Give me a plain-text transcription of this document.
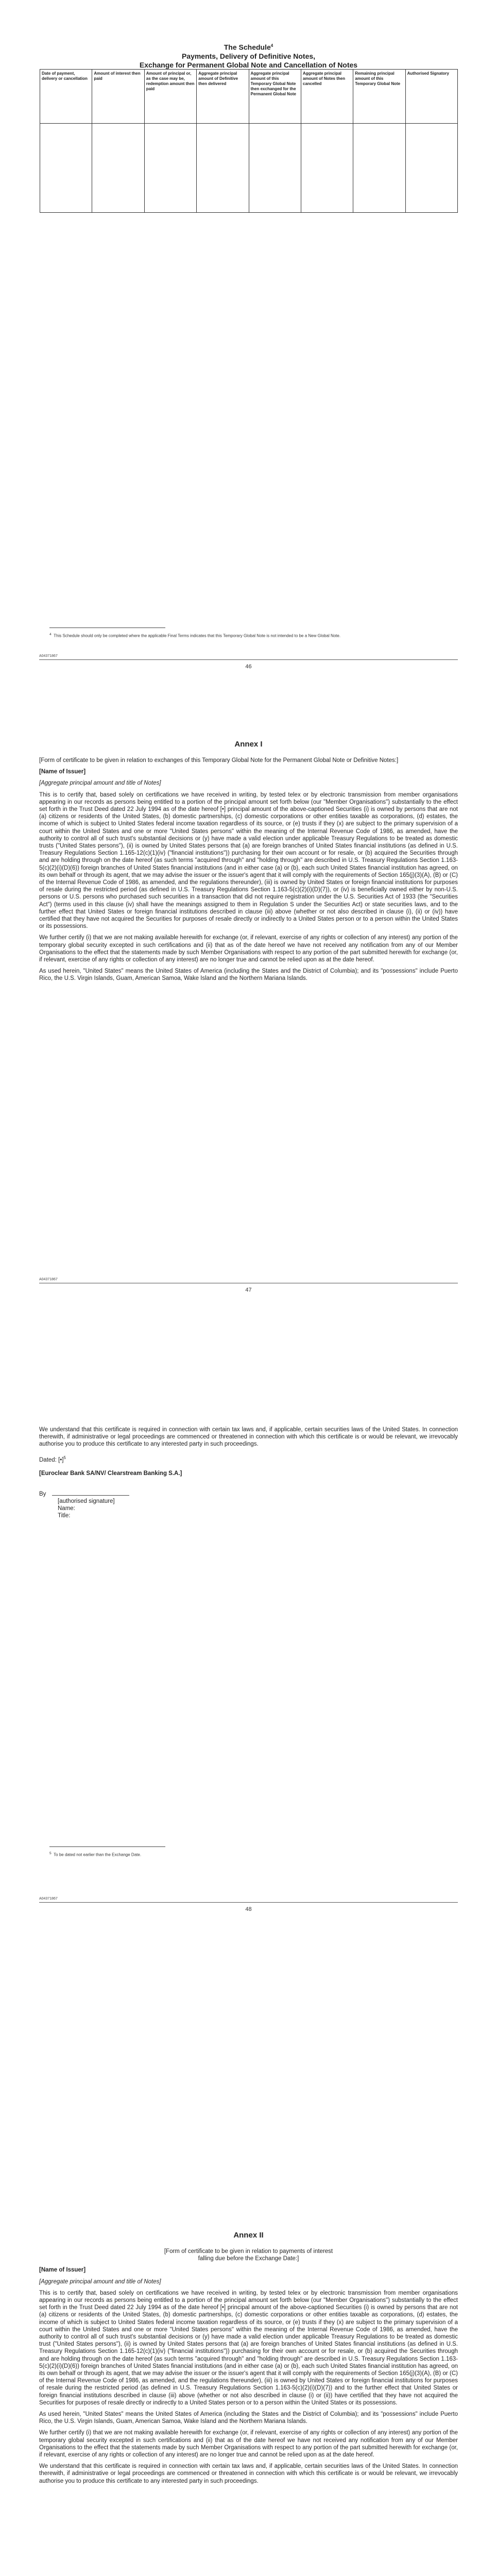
The Schedule$^4$
Payments, Delivery of Definitive Notes,
Exchange for Permanent Global Note and Cancellation of Notes
Date of payment, delivery or cancellation	Amount of interest then paid	Amount of principal or, as the case may be, redemption amount then paid	Aggregate principal amount of Definitive then delivered	Aggregate principal amount of this Temporary Global Note then exchanged for the Permanent Global Note	Aggregate principal amount of Notes then cancelled	Remaining principal amount of this Temporary Global Note	Authorised Signatory

$^4$ This Schedule should only be completed where the applicable Final Terms indicates that this Temporary Global Note is not intended to be a New Global Note.
A04371867
46
Annex I

[Form of certificate to be given in relation to exchanges of this Temporary Global Note for the Permanent Global Note or Definitive Notes:]

[Name of Issuer]

[Aggregate principal amount and title of Notes]

This is to certify that, based solely on certifications we have received in writing, by tested telex or by electronic transmission from member organisations appearing in our records as persons being entitled to a portion of the principal amount set forth below (our "Member Organisations") substantially to the effect set forth in the Trust Deed dated 22 July 1994 as of the date hereof [•] principal amount of the above-captioned Securities (i) is owned by persons that are not (a) citizens or residents of the United States, (b) domestic partnerships, (c) domestic corporations or other entities taxable as corporations, (d) estates, the income of which is subject to United States federal income taxation regardless of its source, or (e) trusts if they (x) are subject to the primary supervision of a court within the United States and one or more "United States persons" within the meaning of the Internal Revenue Code of 1986, as amended, have the authority to control all of such trust's substantial decisions or (y) have made a valid election under applicable Treasury Regulations to be treated as domestic trusts ("United States persons"), (ii) is owned by United States persons that (a) are foreign branches of United States financial institutions (as defined in U.S. Treasury Regulations Section 1.165-12(c)(1)(iv) ("financial institutions")) purchasing for their own account or for resale, or (b) acquired the Securities through and are holding through on the date hereof (as such terms "acquired through" and "holding through" are described in U.S. Treasury Regulations Section 1.163-5(c)(2)(i)(D)(6)) foreign branches of United States financial institutions (and in either case (a) or (b), each such United States financial institution has agreed, on its own behalf or through its agent, that we may advise the issuer or the issuer's agent that it will comply with the requirements of Section 165(j)(3)(A), (B) or (C) of the Internal Revenue Code of 1986, as amended, and the regulations thereunder), (iii) is owned by United States or foreign financial institutions for purposes of resale during the restricted period (as defined in U.S. Treasury Regulations Section 1.163-5(c)(2)(i)(D)(7)), or (iv) is beneficially owned either by non-U.S. persons or U.S. persons who purchased such securities in a transaction that did not require registration under the U.S. Securities Act of 1933 (the "Securities Act") (terms used in this clause (iv) shall have the meanings assigned to them in Regulation S under the Securities Act) or state securities laws, and to the further effect that United States or foreign financial institutions described in clause (iii) above (whether or not also described in clause (i), (ii) or (iv)) have certified that they have not acquired the Securities for purposes of resale directly or indirectly to a United States person or to a person within the United States or its possessions.

We further certify (i) that we are not making available herewith for exchange (or, if relevant, exercise of any rights or collection of any interest) any portion of the temporary global security excepted in such certifications and (ii) that as of the date hereof we have not received any notification from any of our Member Organisations to the effect that the statements made by such Member Organisations with respect to any portion of the part submitted herewith for exchange (or, if relevant, exercise of any rights or collection of any interest) are no longer true and cannot be relied upon as at the date hereof.

As used herein, "United States" means the United States of America (including the States and the District of Columbia); and its "possessions" include Puerto Rico, the U.S. Virgin Islands, Guam, American Samoa, Wake Island and the Northern Mariana Islands.

A04371867
47

We understand that this certificate is required in connection with certain tax laws and, if applicable, certain securities laws of the United States. In connection therewith, if administrative or legal proceedings are commenced or threatened in connection with which this certificate is or would be relevant, we irrevocably authorise you to produce this certificate to any interested party in such proceedings.

Dated: [•]$^5$

[Euroclear Bank SA/NV/ Clearstream Banking S.A.]

By
[authorised signature]
Name:
Title:
$^5$ To be dated not earlier than the Exchange Date.
A04371867
48
Annex II
[Form of certificate to be given in relation to payments of interest
falling due before the Exchange Date:]

[Name of Issuer]

[Aggregate principal amount and title of Notes]

This is to certify that, based solely on certifications we have received in writing, by tested telex or by electronic transmission from member organisations appearing in our records as persons being entitled to a portion of the principal amount set forth below (our "Member Organisations") substantially to the effect set forth in the Trust Deed dated 22 July 1994 as of the date hereof [•] principal amount of the above-captioned Securities (i) is owned by persons that are not (a) citizens or residents of the United States, (b) domestic partnerships, (c) domestic corporations or other entities taxable as corporations, (d) estates, the income of which is subject to United States federal income taxation regardless of its source, or (e) trusts if they (x) are subject to the primary supervision of a court within the United States and one or more "United States persons" within the meaning of the Internal Revenue Code of 1986, as amended, have the authority to control all of such trust's substantial decisions or (y) have made a valid election under applicable Treasury Regulations to be treated as domestic trust ("United States persons"), (ii) is owned by United States persons that (a) are foreign branches of United States financial institutions (as defined in U.S. Treasury Regulations Section 1.165-12(c)(1)(iv) ("financial institutions")) purchasing for their own account or for resale, or (b) acquired the Securities through and are holding through on the date hereof (as such terms "acquired through" and "holding through" are described in U.S. Treasury Regulations Section 1.163-5(c)(2)(i)(D)(6)) foreign branches of United States financial institutions (and in either case (a) or (b), each such United States financial institution has agreed, on its own behalf or through its agent, that we may advise the issuer or the issuer's agent that it will comply with the requirements of Section 165(j)(3)(A), (B) or (C) of the Internal Revenue Code of 1986, as amended, and the regulations thereunder), (iii) is owned by United States or foreign financial institutions for purposes of resale during the restricted period (as defined in U.S. Treasury Regulations Section 1.163-5(c)(2)(i)(D)(7)) and to the further effect that United States or foreign financial institutions described in clause (iii) above (whether or not also described in clause (i) or (ii)) have certified that they have not acquired the Securities for purposes of resale directly or indirectly to a United States person or to a person within the United States or its possessions.

As used herein, "United States" means the United States of America (including the States and the District of Columbia); and its "possessions" include Puerto Rico, the U.S. Virgin Islands, Guam, American Samoa, Wake Island and the Northern Mariana Islands.

We further certify (i) that we are not making available herewith for exchange (or, if relevant, exercise of any rights or collection of any interest) any portion of the temporary global security excepted in such certifications and (ii) that as of the date hereof we have not received any notification from any of our Member Organisations to the effect that the statements made by such Member Organisations with respect to any portion of the part submitted herewith for exchange (or, if relevant, exercise of any rights or collection of any interest) are no longer true and cannot be relied upon as at the date hereof.

We understand that this certificate is required in connection with certain tax laws and, if applicable, certain securities laws of the United States. In connection therewith, if administrative or legal proceedings are commenced or threatened in connection with which this certificate is or would be relevant, we irrevocably authorise you to produce this certificate to any interested party in such proceedings.
